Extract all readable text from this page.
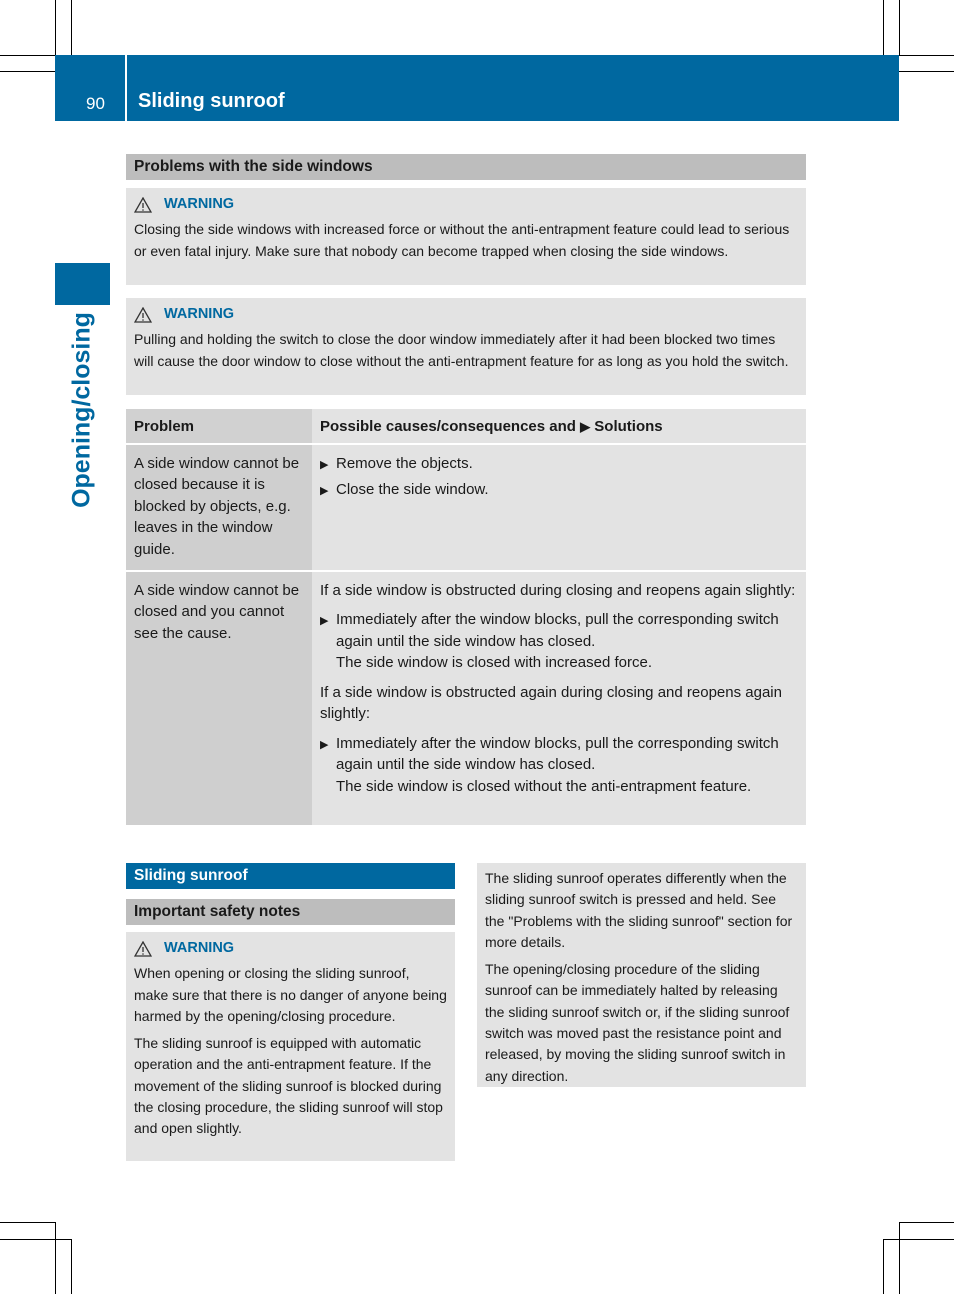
90 Sliding sunroof
Opening/closing
Problems with the side windows
WARNING

Closing the side windows with increased force or without the anti-entrapment feature could lead to serious or even fatal injury. Make sure that nobody can become trapped when closing the side windows.

WARNING

Pulling and holding the switch to close the door window immediately after it had been blocked two times will cause the door window to close without the anti-entrapment feature for as long as you hold the switch.

Problem	Possible causes/consequences and ▶ Solutions
A side window cannot be closed because it is blocked by objects, e.g. leaves in the window guide.
▶ Remove the objects.
▶ Close the side window.
A side window cannot be closed and you cannot see the cause.
If a side window is obstructed during closing and reopens again slightly:
▶ Immediately after the window blocks, pull the corresponding switch again until the side window has closed.
The side window is closed with increased force.
If a side window is obstructed again during closing and reopens again slightly:
▶ Immediately after the window blocks, pull the corresponding switch again until the side window has closed.
The side window is closed without the anti-entrapment feature.
Sliding sunroof
Important safety notes
WARNING

When opening or closing the sliding sunroof, make sure that there is no danger of anyone being harmed by the opening/closing procedure.

The sliding sunroof is equipped with automatic operation and the anti-entrapment feature. If the movement of the sliding sunroof is blocked during the closing procedure, the sliding sunroof will stop and open slightly.

The sliding sunroof operates differently when the sliding sunroof switch is pressed and held. See the "Problems with the sliding sunroof" section for more details.

The opening/closing procedure of the sliding sunroof can be immediately halted by releasing the sliding sunroof switch or, if the sliding sunroof switch was moved past the resistance point and released, by moving the sliding sunroof switch in any direction.
